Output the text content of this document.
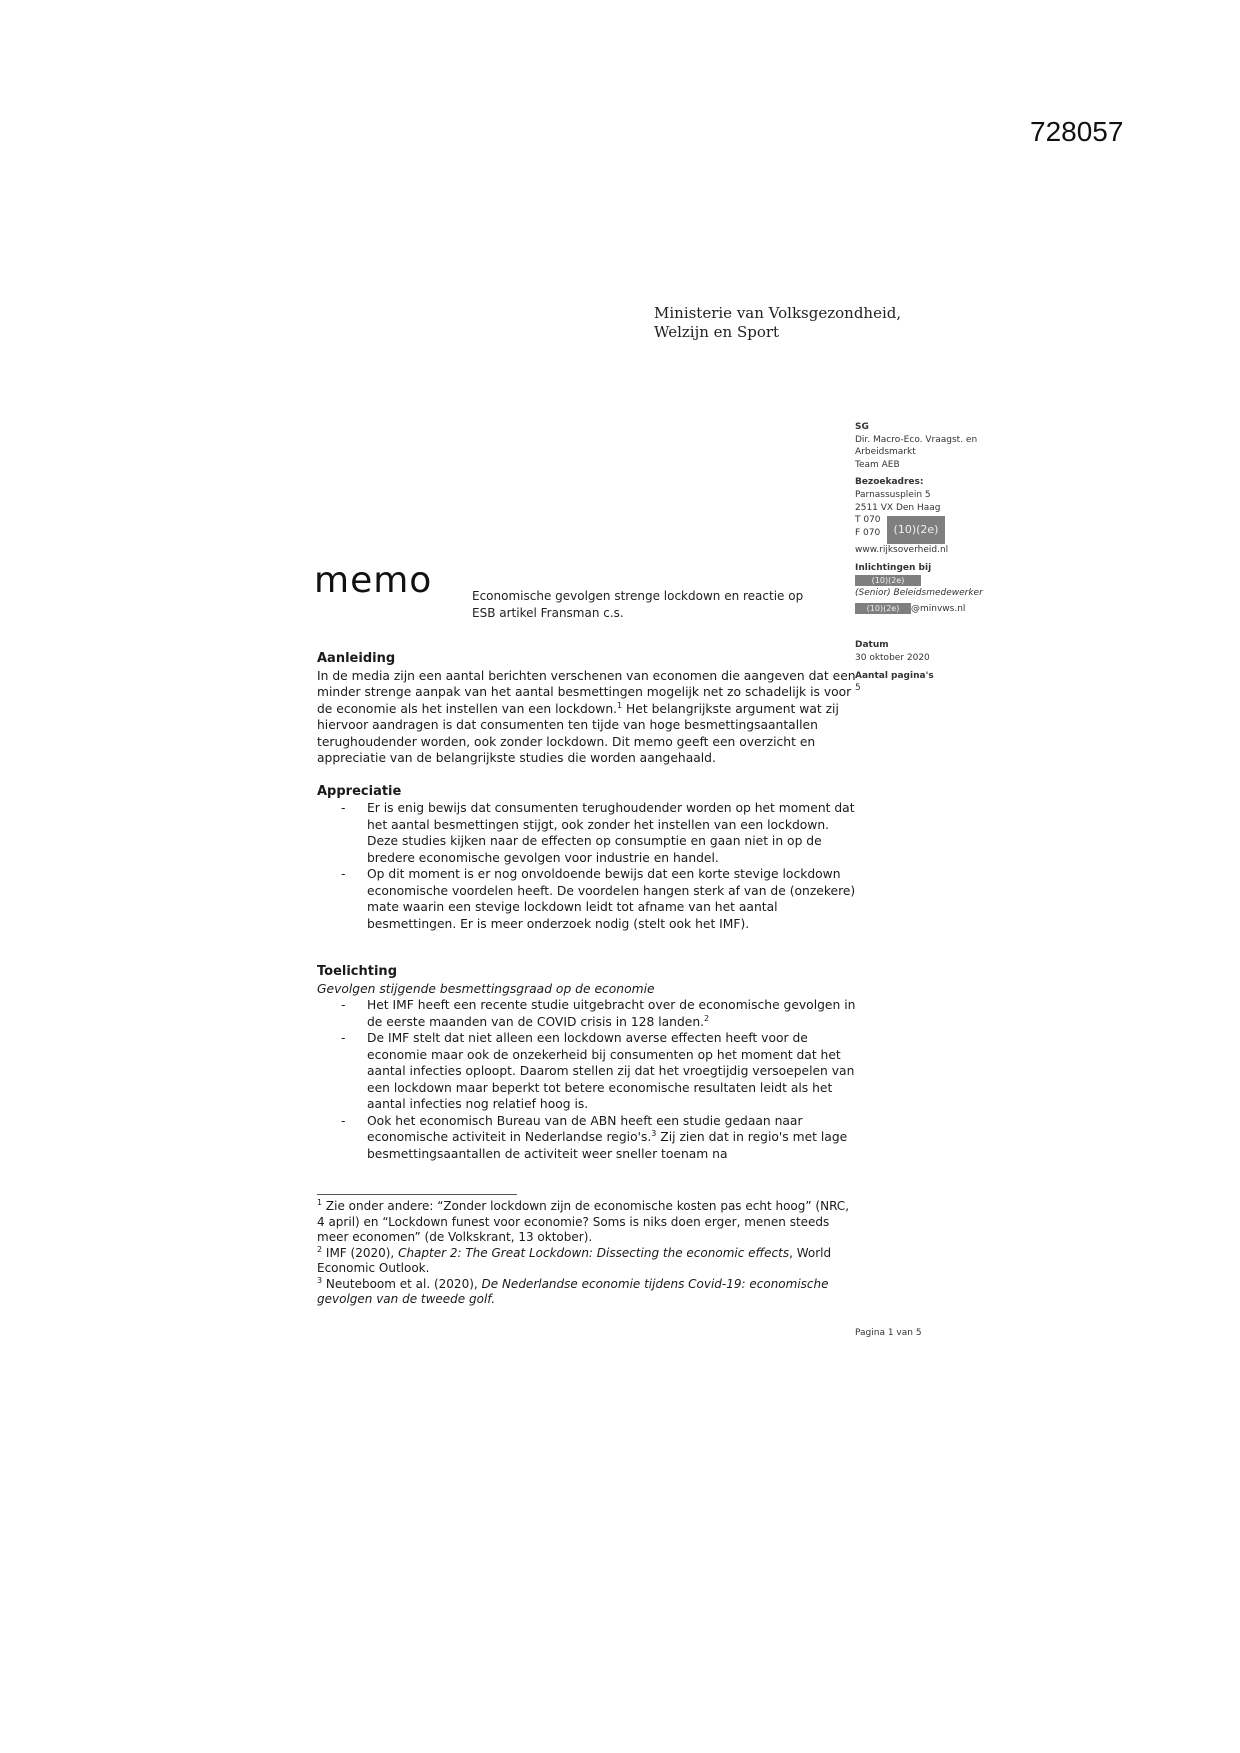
728057
Ministerie van Volksgezondheid,
Welzijn en Sport
SG
Dir. Macro-Eco. Vraagst. en
Arbeidsmarkt
Team AEB
Bezoekadres:
Parnassusplein 5
2511 VX Den Haag
T 070
F 070	(10)(2e)
www.rijksoverheid.nl
Inlichtingen bij
(10)(2e)
(Senior) Beleidsmedewerker
(10)(2e) @minvws.nl
Datum
30 oktober 2020
Aantal pagina's
5
memo	Economische gevolgen strenge lockdown en reactie op
ESB artikel Fransman c.s.
Aanleiding

In de media zijn een aantal berichten verschenen van economen die aangeven dat een minder strenge aanpak van het aantal besmettingen mogelijk net zo schadelijk is voor de economie als het instellen van een lockdown.$^1$ Het belangrijkste argument wat zij hiervoor aandragen is dat consumenten ten tijde van hoge besmettingsaantallen terughoudender worden, ook zonder lockdown. Dit memo geeft een overzicht en appreciatie van de belangrijkste studies die worden aangehaald.

Appreciatie
- Er is enig bewijs dat consumenten terughoudender worden op het moment dat het aantal besmettingen stijgt, ook zonder het instellen van een lockdown. Deze studies kijken naar de effecten op consumptie en gaan niet in op de bredere economische gevolgen voor industrie en handel.
- Op dit moment is er nog onvoldoende bewijs dat een korte stevige lockdown economische voordelen heeft. De voordelen hangen sterk af van de (onzekere) mate waarin een stevige lockdown leidt tot afname van het aantal besmettingen. Er is meer onderzoek nodig (stelt ook het IMF).
Toelichting

Gevolgen stijgende besmettingsgraad op de economie

- Het IMF heeft een recente studie uitgebracht over de economische gevolgen in de eerste maanden van de COVID crisis in 128 landen.$^2$
- De IMF stelt dat niet alleen een lockdown averse effecten heeft voor de economie maar ook de onzekerheid bij consumenten op het moment dat het aantal infecties oploopt. Daarom stellen zij dat het vroegtijdig versoepelen van een lockdown maar beperkt tot betere economische resultaten leidt als het aantal infecties nog relatief hoog is.
- Ook het economisch Bureau van de ABN heeft een studie gedaan naar economische activiteit in Nederlandse regio's.$^3$ Zij zien dat in regio's met lage besmettingsaantallen de activiteit weer sneller toenam na

$^1$ Zie onder andere: “Zonder lockdown zijn de economische kosten pas echt hoog” (NRC, 4 april) en “Lockdown funest voor economie? Soms is niks doen erger, menen steeds meer economen” (de Volkskrant, 13 oktober).

$^2$ IMF (2020), Chapter 2: The Great Lockdown: Dissecting the economic effects, World Economic Outlook.

$^3$ Neuteboom et al. (2020), De Nederlandse economie tijdens Covid-19: economische gevolgen van de tweede golf.

Pagina 1 van 5
